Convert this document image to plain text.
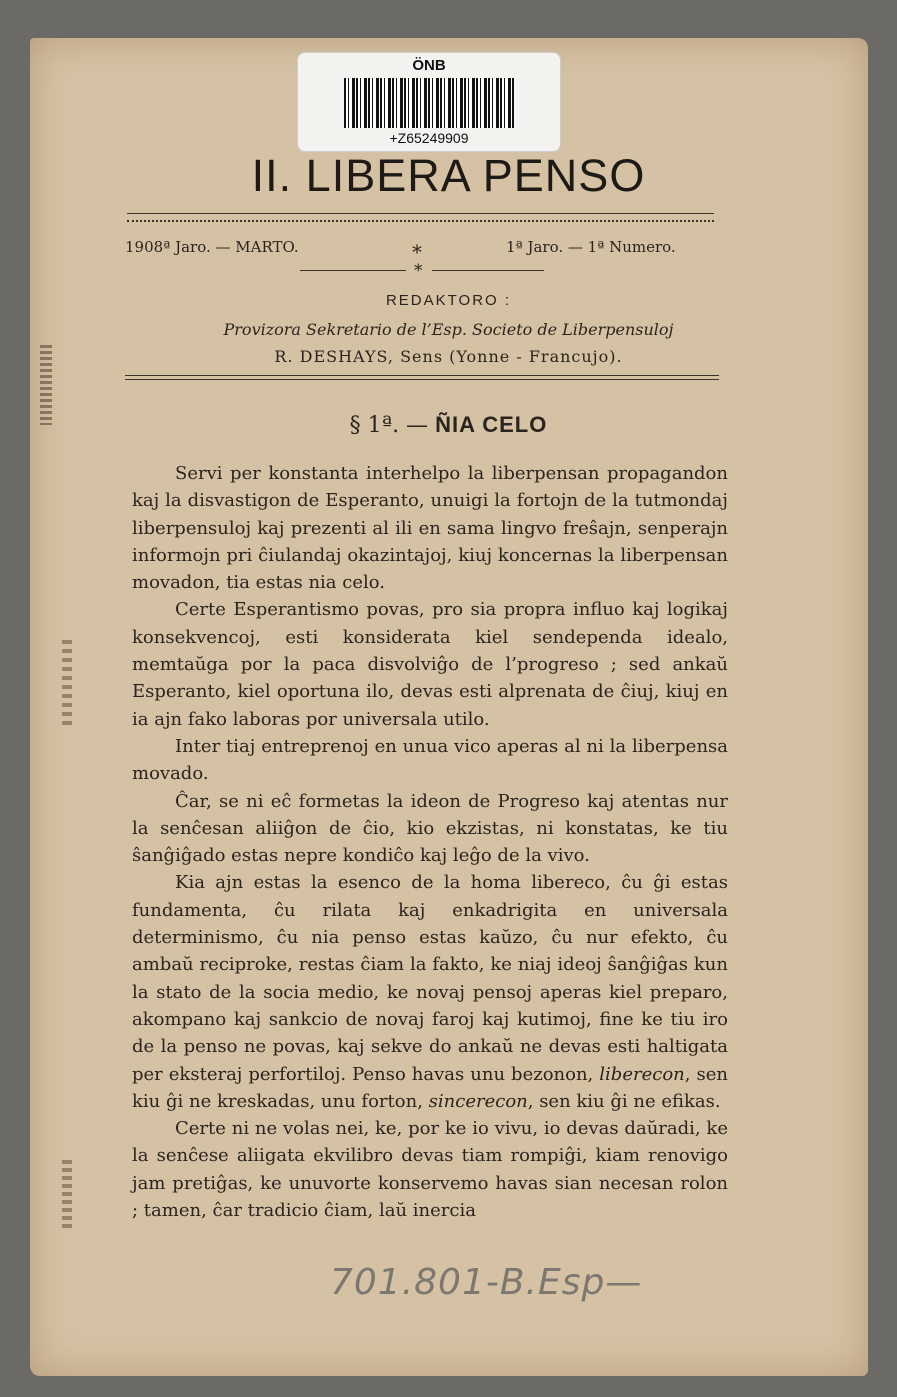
ÖNB
+Z65249909
II. LIBERA PENSO
1908ª Jaro. — MARTO.	*	1ª Jaro. — 1ª Numero.
*
REDAKTORO :
Provizora Sekretario de l’Esp. Societo de Liberpensuloj
R. DESHAYS, Sens (Yonne - Francujo).
§ 1ª. — ÑIA CELO

Servi per konstanta interhelpo la liberpensan propagandon kaj la disvastigon de Esperanto, unuigi la fortojn de la tutmondaj liberpensuloj kaj prezenti al ili en sama lingvo freŝajn, senperajn informojn pri ĉiulandaj okazintajoj, kiuj koncernas la liberpensan movadon, tia estas nia celo.

Certe Esperantismo povas, pro sia propra influo kaj logikaj konsekvencoj, esti konsiderata kiel sendependa idealo, memtaŭga por la paca disvolviĝo de l’progreso ; sed ankaŭ Esperanto, kiel oportuna ilo, devas esti alprenata de ĉiuj, kiuj en ia ajn fako laboras por universala utilo.

Inter tiaj entreprenoj en unua vico aperas al ni la liberpensa movado.

Ĉar, se ni eĉ formetas la ideon de Progreso kaj atentas nur la senĉesan aliiĝon de ĉio, kio ekzistas, ni konstatas, ke tiu ŝanĝiĝado estas nepre kondiĉo kaj leĝo de la vivo.

Kia ajn estas la esenco de la homa libereco, ĉu ĝi estas fundamenta, ĉu rilata kaj enkadrigita en universala determinismo, ĉu nia penso estas kaŭzo, ĉu nur efekto, ĉu ambaŭ reciproke, restas ĉiam la fakto, ke niaj ideoj ŝanĝiĝas kun la stato de la socia medio, ke novaj pensoj aperas kiel preparo, akompano kaj sankcio de novaj faroj kaj kutimoj, fine ke tiu iro de la penso ne povas, kaj sekve do ankaŭ ne devas esti haltigata per eksteraj perfortiloj. Penso havas unu bezonon, liberecon, sen kiu ĝi ne kreskadas, unu forton, sincerecon, sen kiu ĝi ne efikas.

Certe ni ne volas nei, ke, por ke io vivu, io devas daŭradi, ke la senĉese aliigata ekvilibro devas tiam rompiĝi, kiam renovigo jam pretiĝas, ke unuvorte konservemo havas sian necesan rolon ; tamen, ĉar tradicio ĉiam, laŭ inercia

701.801-B.Esp—
